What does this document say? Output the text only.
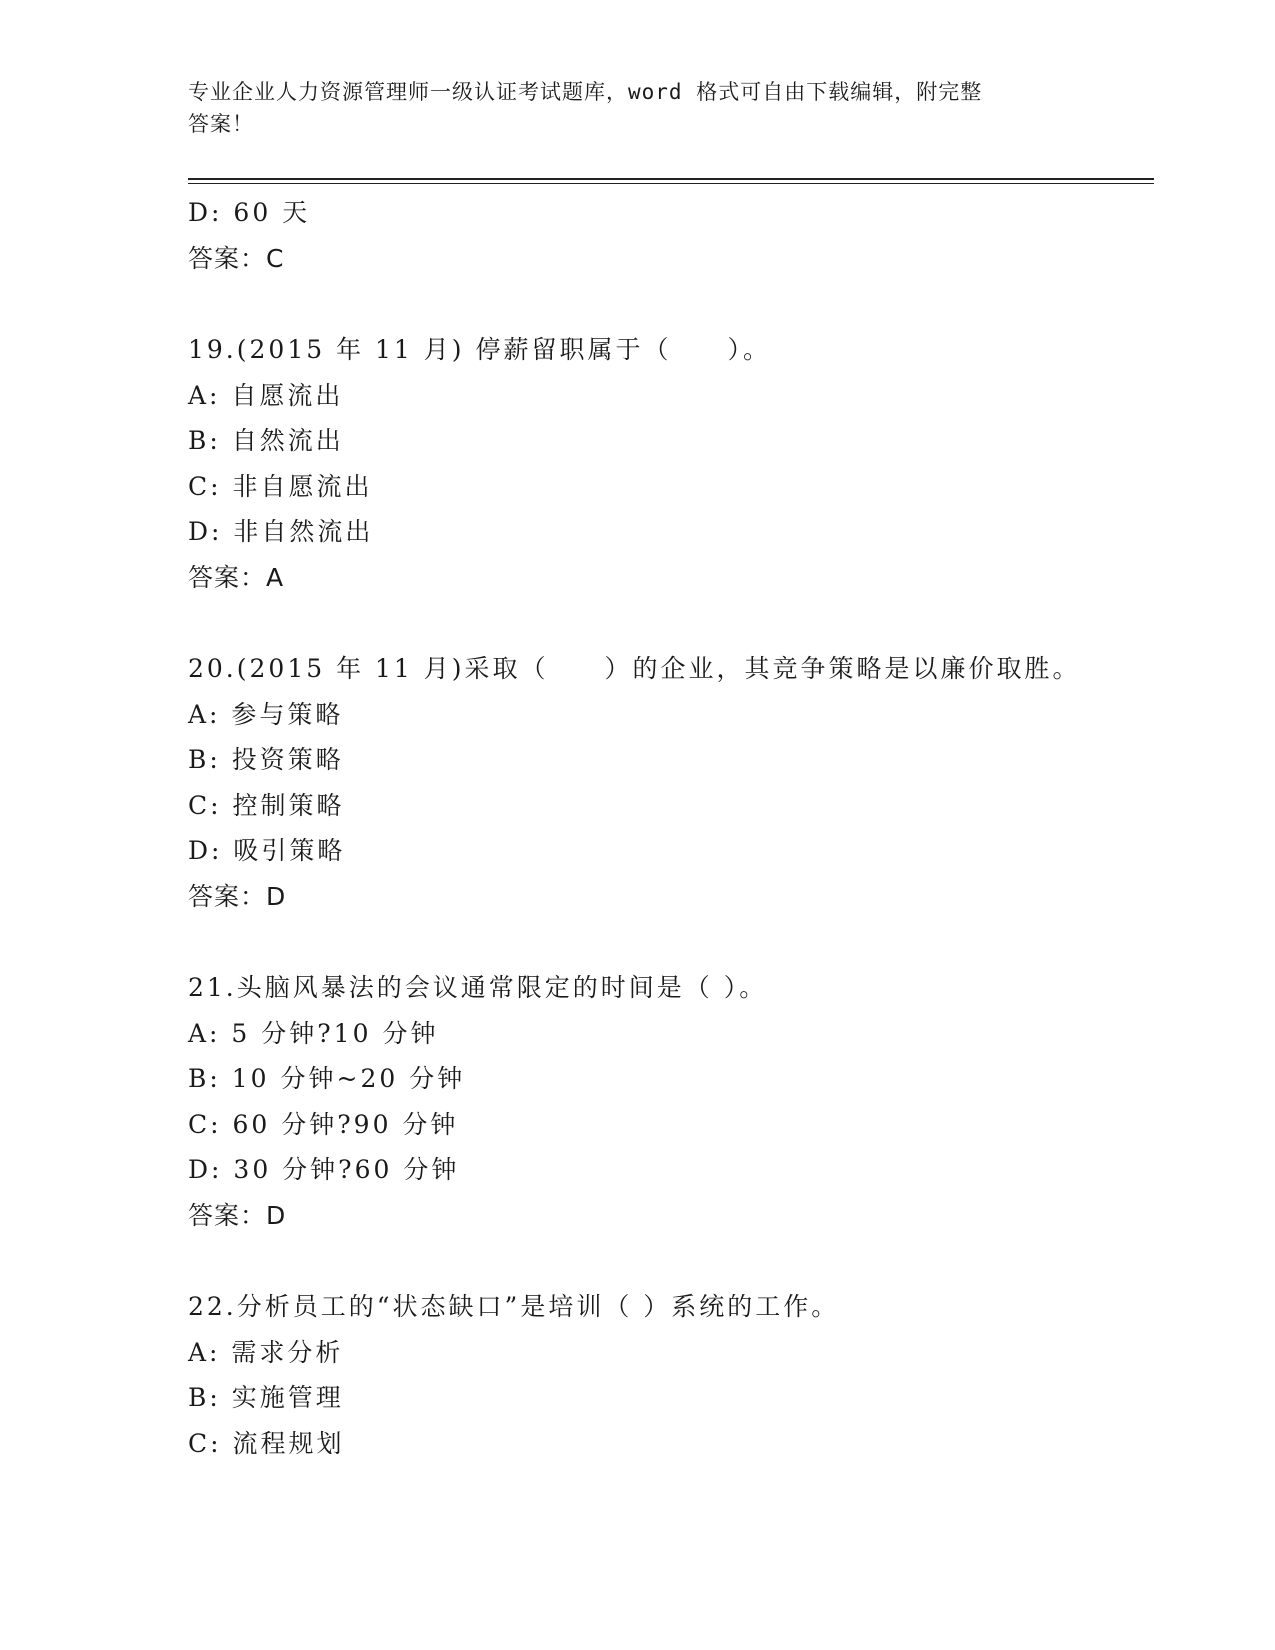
专业企业人力资源管理师一级认证考试题库，word 格式可自由下载编辑，附完整
答案！
D: 60 天
答案：C
19.(2015 年 11 月) 停薪留职属于（　　）。
A: 自愿流出
B: 自然流出
C: 非自愿流出
D: 非自然流出
答案：A
20.(2015 年 11 月)采取（　　）的企业，其竞争策略是以廉价取胜。
A: 参与策略
B: 投资策略
C: 控制策略
D: 吸引策略
答案：D
21.头脑风暴法的会议通常限定的时间是（ ）。
A: 5 分钟?10 分钟
B: 10 分钟~20 分钟
C: 60 分钟?90 分钟
D: 30 分钟?60 分钟
答案：D
22.分析员工的“状态缺口”是培训（ ）系统的工作。
A: 需求分析
B: 实施管理
C: 流程规划
